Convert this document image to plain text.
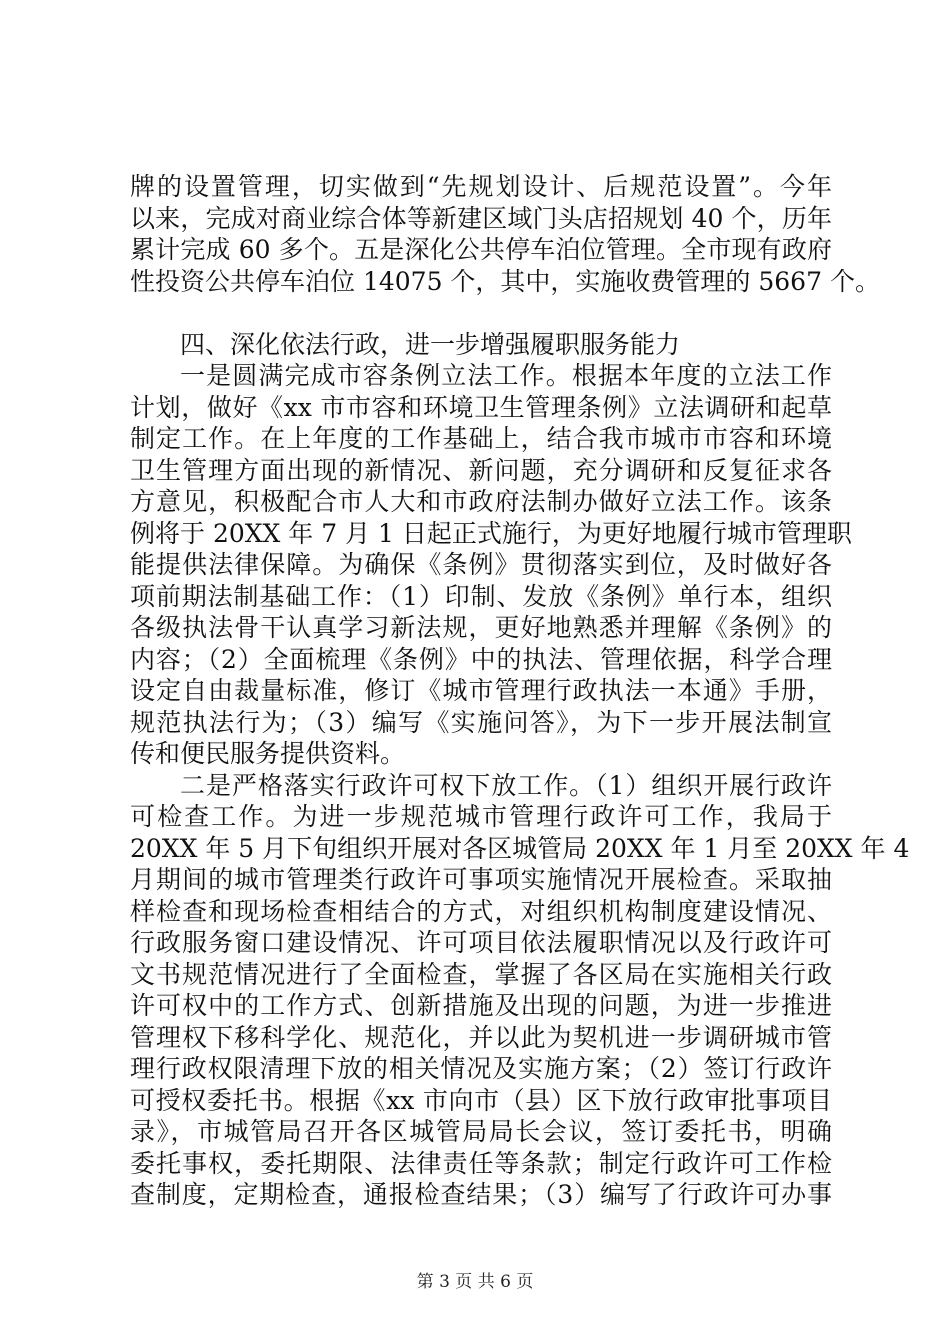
牌的设置管理，切实做到“先规划设计、后规范设置”。今年
以来，完成对商业综合体等新建区域门头店招规划 40 个，历年
累计完成 60 多个。五是深化公共停车泊位管理。全市现有政府
性投资公共停车泊位 14075 个，其中，实施收费管理的 5667 个。
四、深化依法行政，进一步增强履职服务能力
一是圆满完成市容条例立法工作。根据本年度的立法工作
计划，做好《xx 市市容和环境卫生管理条例》立法调研和起草
制定工作。在上年度的工作基础上，结合我市城市市容和环境
卫生管理方面出现的新情况、新问题，充分调研和反复征求各
方意见，积极配合市人大和市政府法制办做好立法工作。该条
例将于 20XX 年 7 月 1 日起正式施行，为更好地履行城市管理职
能提供法律保障。为确保《条例》贯彻落实到位，及时做好各
项前期法制基础工作：（1）印制、发放《条例》单行本，组织
各级执法骨干认真学习新法规，更好地熟悉并理解《条例》的
内容；（2）全面梳理《条例》中的执法、管理依据，科学合理
设定自由裁量标准，修订《城市管理行政执法一本通》手册，
规范执法行为；（3）编写《实施问答》，为下一步开展法制宣
传和便民服务提供资料。
二是严格落实行政许可权下放工作。（1）组织开展行政许
可检查工作。为进一步规范城市管理行政许可工作，我局于
20XX 年 5 月下旬组织开展对各区城管局 20XX 年 1 月至 20XX 年 4
月期间的城市管理类行政许可事项实施情况开展检查。采取抽
样检查和现场检查相结合的方式，对组织机构制度建设情况、
行政服务窗口建设情况、许可项目依法履职情况以及行政许可
文书规范情况进行了全面检查，掌握了各区局在实施相关行政
许可权中的工作方式、创新措施及出现的问题，为进一步推进
管理权下移科学化、规范化，并以此为契机进一步调研城市管
理行政权限清理下放的相关情况及实施方案；（2）签订行政许
可授权委托书。根据《xx 市向市（县）区下放行政审批事项目
录》，市城管局召开各区城管局局长会议，签订委托书，明确
委托事权，委托期限、法律责任等条款；制定行政许可工作检
查制度，定期检查，通报检查结果；（3）编写了行政许可办事
第 3 页 共 6 页
